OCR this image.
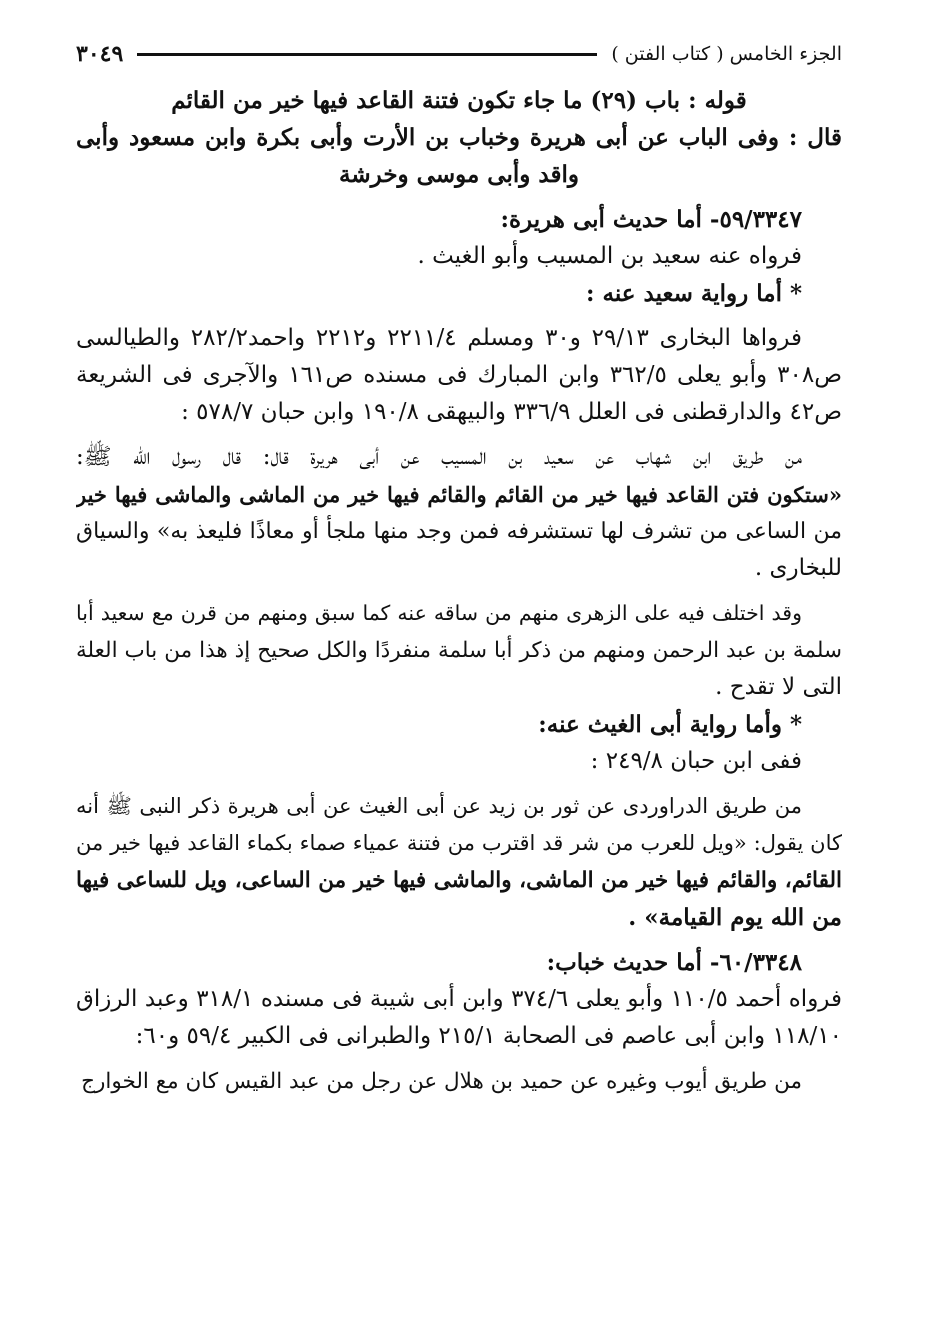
الجزء الخامس ( كتاب الفتن )
٣٠٤٩
قوله : باب (٢٩) ما جاء تكون فتنة القاعد فيها خير من القائم
قال : وفى الباب عن أبى هريرة وخباب بن الأرت وأبى بكرة وابن مسعود وأبى
واقد وأبى موسى وخرشة
٥٩/٣٣٤٧- أما حديث أبى هريرة:
فرواه عنه سعيد بن المسيب وأبو الغيث .
* أما رواية سعيد عنه :
فرواها البخارى ٢٩/١٣ و٣٠ ومسلم ٢٢١١/٤ و٢٢١٢ واحمد٢٨٢/٢ والطيالسى
ص٣٠٨ وأبو يعلى ٣٦٢/٥ وابن المبارك فى مسنده ص١٦١ والآجرى فى الشريعة
ص٤٢ والدارقطنى فى العلل ٣٣٦/٩ والبيهقى ١٩٠/٨ وابن حبان ٥٧٨/٧ :
من طريق ابن شهاب عن سعيد بن المسيب عن أبى هريرة قال: قال رسول الله ﷺ:
«ستكون فتن القاعد فيها خير من القائم والقائم فيها خير من الماشى والماشى فيها خير
من الساعى من تشرف لها تستشرفه فمن وجد منها ملجأ أو معاذًا فليعذ به» والسياق
للبخارى .
وقد اختلف فيه على الزهرى منهم من ساقه عنه كما سبق ومنهم من قرن مع سعيد أبا
سلمة بن عبد الرحمن ومنهم من ذكر أبا سلمة منفردًا والكل صحيح إذ هذا من باب العلة
التى لا تقدح .
* وأما رواية أبى الغيث عنه:
ففى ابن حبان ٢٤٩/٨ :
من طريق الدراوردى عن ثور بن زيد عن أبى الغيث عن أبى هريرة ذكر النبى ﷺ أنه
كان يقول: «ويل للعرب من شر قد اقترب من فتنة عمياء صماء بكماء القاعد فيها خير من
القائم، والقائم فيها خير من الماشى، والماشى فيها خير من الساعى، ويل للساعى فيها
من الله يوم القيامة» .
٦٠/٣٣٤٨- أما حديث خباب:
فرواه أحمد ١١٠/٥ وأبو يعلى ٣٧٤/٦ وابن أبى شيبة فى مسنده ٣١٨/١ وعبد الرزاق
١١٨/١٠ وابن أبى عاصم فى الصحابة ٢١٥/١ والطبرانى فى الكبير ٥٩/٤ و٦٠:
من طريق أيوب وغيره عن حميد بن هلال عن رجل من عبد القيس كان مع الخوارج
